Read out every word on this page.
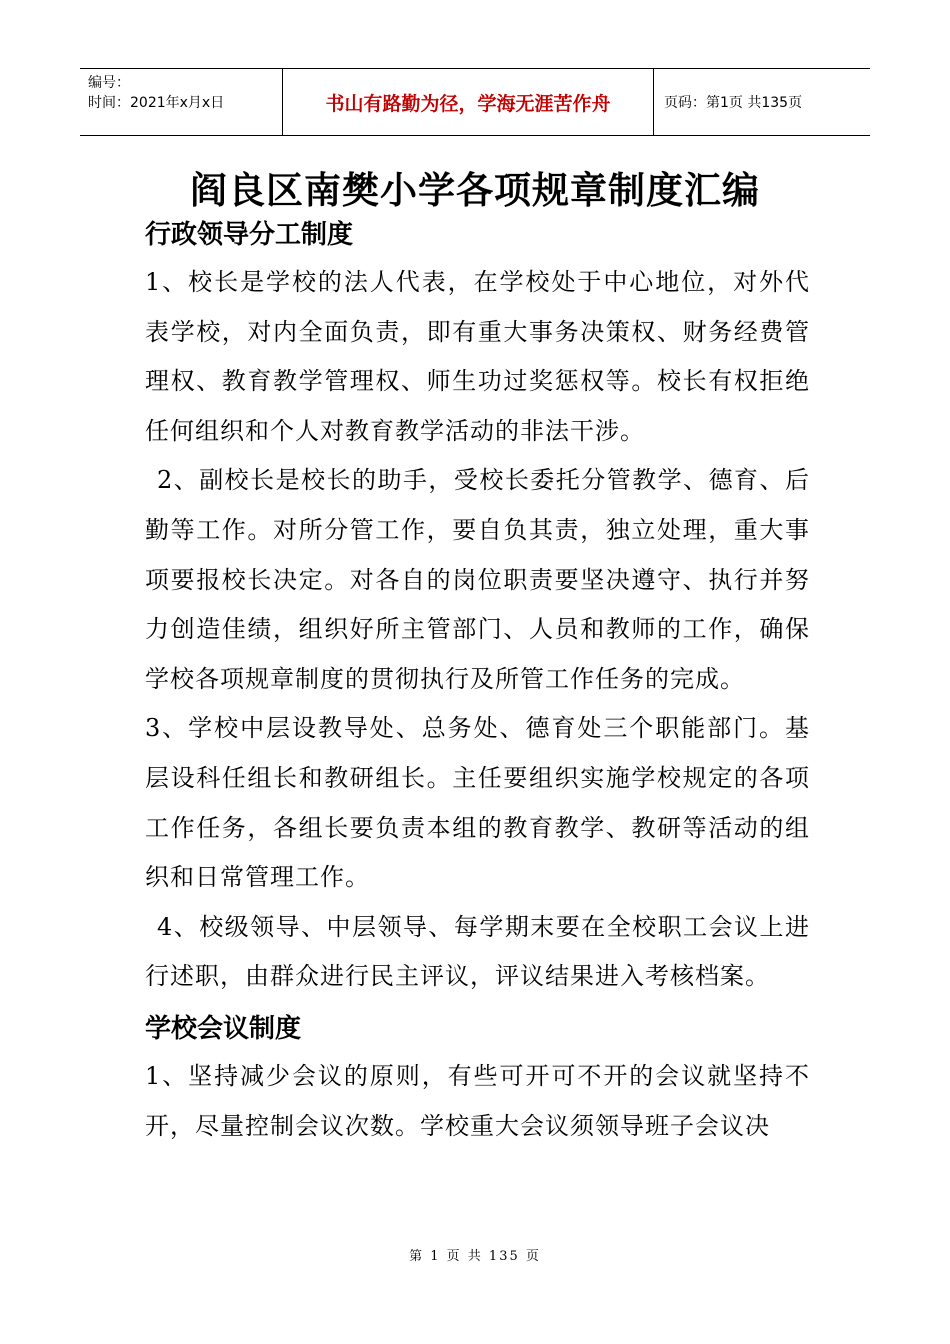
编号：
时间：2021年x月x日	书山有路勤为径，学海无涯苦作舟	页码：第1页 共135页
阎良区南樊小学各项规章制度汇编
行政领导分工制度

1、校长是学校的法人代表，在学校处于中心地位，对外代表学校，对内全面负责，即有重大事务决策权、财务经费管理权、教育教学管理权、师生功过奖惩权等。校长有权拒绝任何组织和个人对教育教学活动的非法干涉。

2、副校长是校长的助手，受校长委托分管教学、德育、后勤等工作。对所分管工作，要自负其责，独立处理，重大事项要报校长决定。对各自的岗位职责要坚决遵守、执行并努力创造佳绩，组织好所主管部门、人员和教师的工作，确保学校各项规章制度的贯彻执行及所管工作任务的完成。

3、学校中层设教导处、总务处、德育处三个职能部门。基层设科任组长和教研组长。主任要组织实施学校规定的各项工作任务，各组长要负责本组的教育教学、教研等活动的组织和日常管理工作。

4、校级领导、中层领导、每学期末要在全校职工会议上进行述职，由群众进行民主评议，评议结果进入考核档案。

学校会议制度

1、坚持减少会议的原则，有些可开可不开的会议就坚持不开，尽量控制会议次数。学校重大会议须领导班子会议决

第 1 页 共 135 页
